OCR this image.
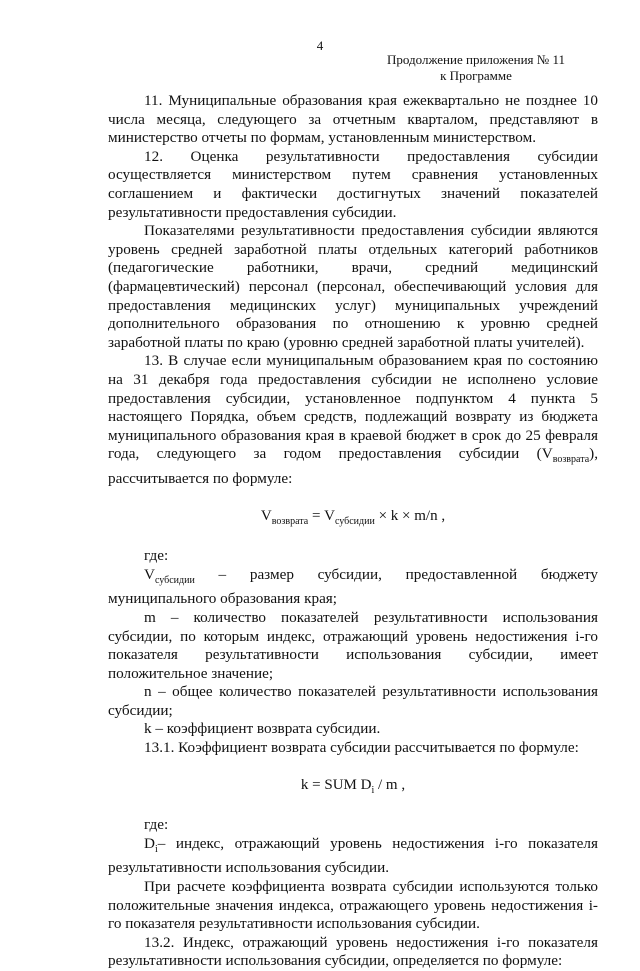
4
Продолжение приложения № 11
к Программе

11. Муниципальные образования края ежеквартально не позднее 10 числа месяца, следующего за отчетным кварталом, представляют в министерство отчеты по формам, установленным министерством.

12. Оценка результативности предоставления субсидии осуществляется министерством путем сравнения установленных соглашением и фактически достигнутых значений показателей результативности предоставления субсидии.

Показателями результативности предоставления субсидии являются уровень средней заработной платы отдельных категорий работников (педагогические работники, врачи, средний медицинский (фармацевтический) персонал (персонал, обеспечивающий условия для предоставления медицинских услуг) муниципальных учреждений дополнительного образования по отношению к уровню средней заработной платы по краю (уровню средней заработной платы учителей).

13. В случае если муниципальным образованием края по состоянию на 31 декабря года предоставления субсидии не исполнено условие предоставления субсидии, установленное подпунктом 4 пункта 5 настоящего Порядка, объем средств, подлежащий возврату из бюджета муниципального образования края в краевой бюджет в срок до 25 февраля года, следующего за годом предоставления субсидии $(V_{возврата})$, рассчитывается по формуле:

$V_{возврата} = V_{субсидии} \times k \times m/n$ ,

где:

$V_{субсидии}$ – размер субсидии, предоставленной бюджету муниципального образования края;

m – количество показателей результативности использования субсидии, по которым индекс, отражающий уровень недостижения i-го показателя результативности использования субсидии, имеет положительное значение;

n – общее количество показателей результативности использования субсидии;

k – коэффициент возврата субсидии.

13.1. Коэффициент возврата субсидии рассчитывается по формуле:

k = SUM $D_i$ / m ,

где:

$D_i-$ индекс, отражающий уровень недостижения i-го показателя результативности использования субсидии.

При расчете коэффициента возврата субсидии используются только положительные значения индекса, отражающего уровень недостижения i-го показателя результативности использования субсидии.

13.2. Индекс, отражающий уровень недостижения i-го показателя результативности использования субсидии, определяется по формуле:
